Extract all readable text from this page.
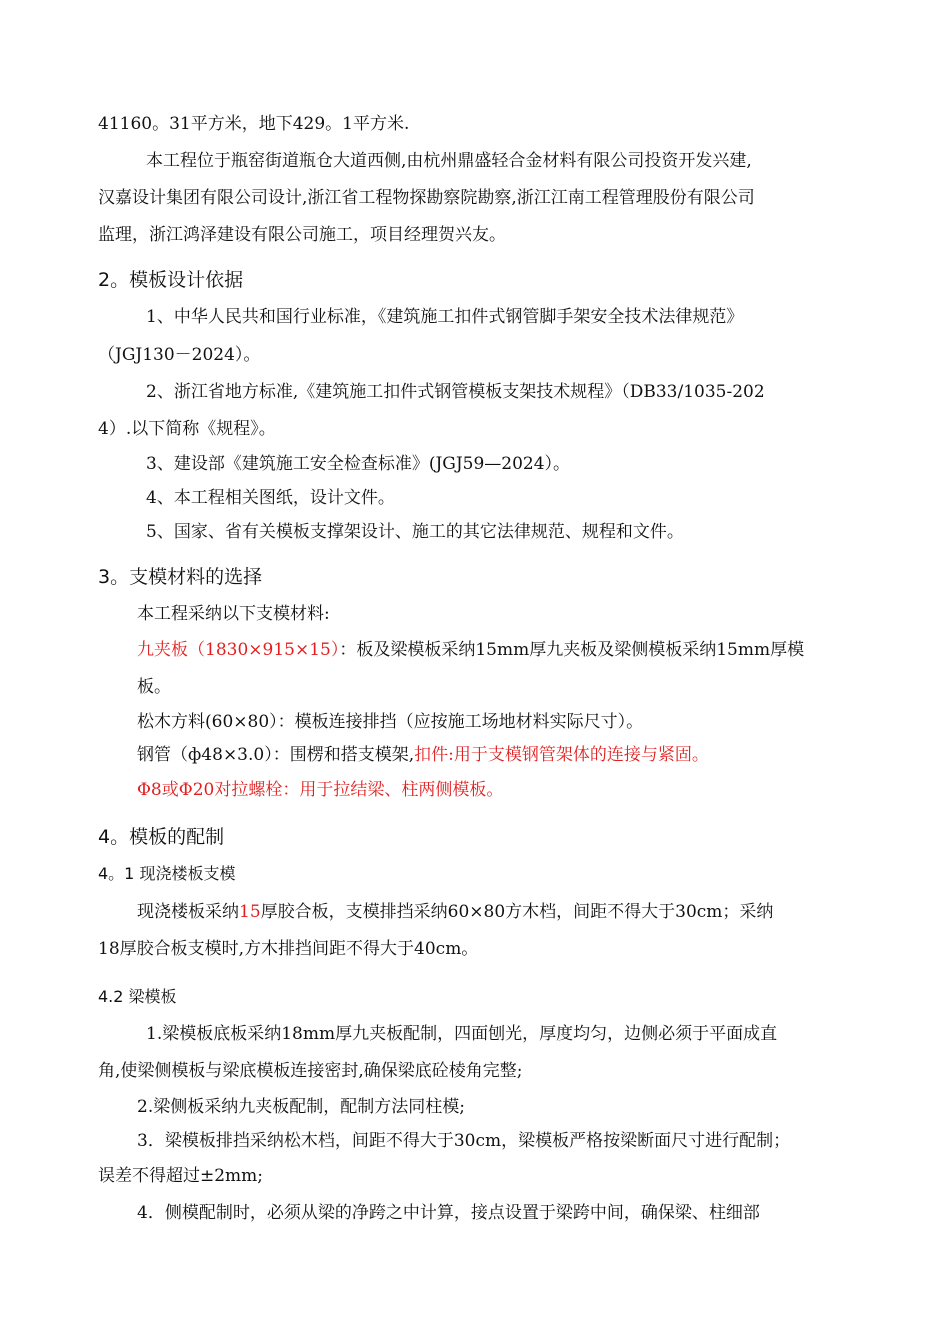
41160。31平方米，地下429。1平方米.
本工程位于瓶窑街道瓶仓大道西侧,由杭州鼎盛轻合金材料有限公司投资开发兴建,
汉嘉设计集团有限公司设计,浙江省工程物探勘察院勘察,浙江江南工程管理股份有限公司
监理，浙江鸿泽建设有限公司施工，项目经理贺兴友。
2。模板设计依据
1、中华人民共和国行业标准，《建筑施工扣件式钢管脚手架安全技术法律规范》
（JGJ130－2024）。
2、浙江省地方标准,《建筑施工扣件式钢管模板支架技术规程》（DB33/1035-202
4）.以下简称《规程》。
3、建设部《建筑施工安全检查标准》(JGJ59—2024）。
4、本工程相关图纸，设计文件。
5、国家、省有关模板支撑架设计、施工的其它法律规范、规程和文件。
3。支模材料的选择
本工程采纳以下支模材料:
九夹板（1830×915×15）：板及梁模板采纳15mm厚九夹板及梁侧模板采纳15mm厚模
板。
松木方料(60×80）：模板连接排挡（应按施工场地材料实际尺寸）。
钢管（ф48×3.0）：围楞和搭支模架,扣件:用于支模钢管架体的连接与紧固。
Φ8或Φ20对拉螺栓：用于拉结梁、柱两侧模板。
4。模板的配制
4。1 现浇楼板支模
现浇楼板采纳15厚胶合板，支模排挡采纳60×80方木档，间距不得大于30cm；采纳
18厚胶合板支模时,方木排挡间距不得大于40cm。
4.2 梁模板
1.梁模板底板采纳18mm厚九夹板配制，四面刨光，厚度均匀，边侧必须于平面成直
角,使梁侧模板与梁底模板连接密封,确保梁底砼棱角完整;
2.梁侧板采纳九夹板配制，配制方法同柱模;
3．梁模板排挡采纳松木档，间距不得大于30cm，梁模板严格按梁断面尺寸进行配制；
误差不得超过±2mm;
4．侧模配制时，必须从梁的净跨之中计算，接点设置于梁跨中间，确保梁、柱细部
